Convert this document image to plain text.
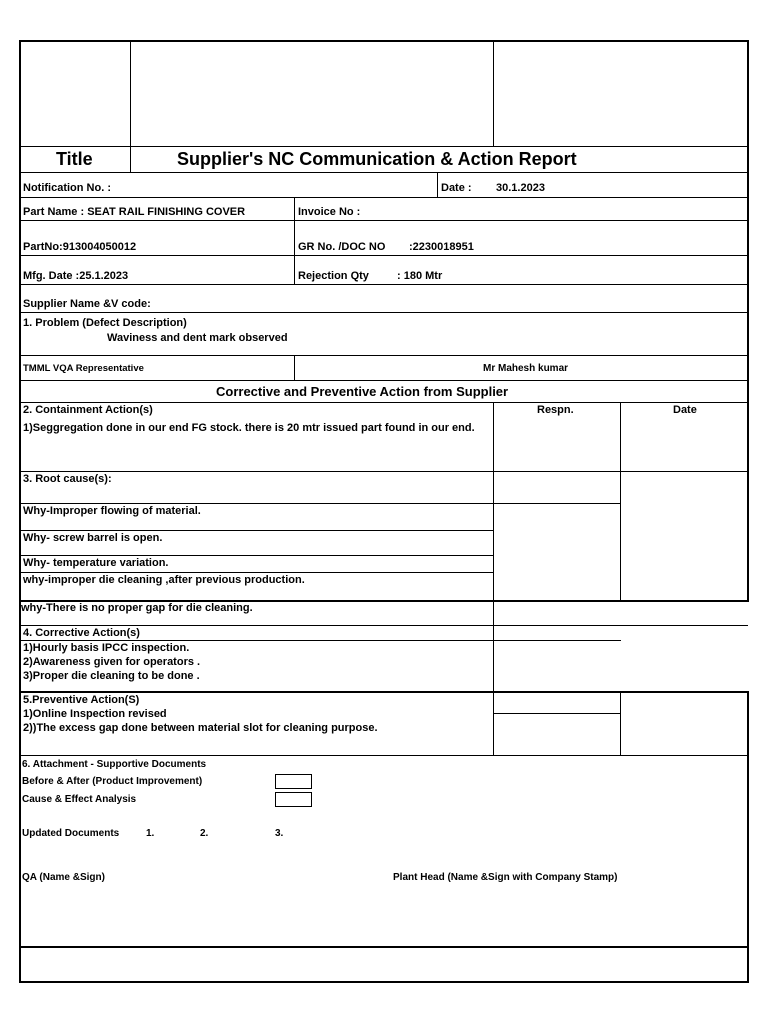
Title	Supplier's NC Communication & Action Report
Notification No. :	Date : 30.1.2023
Part Name : SEAT RAIL FINISHING COVER	Invoice No :
PartNo:913004050012	GR No. /DOC NO :2230018951
Mfg. Date :25.1.2023	Rejection Qty	: 180 Mtr
Supplier Name &V code:
1. Problem (Defect Description)
Waviness and dent mark observed
TMML VQA Representative	Mr Mahesh kumar
Corrective and Preventive Action from Supplier
2. Containment Action(s)	Respn.	Date
1)Seggregation done in our end FG stock. there is 20 mtr issued part found in our end.
3. Root cause(s):
Why-Improper flowing of material.
Why- screw barrel is open.
Why- temperature variation.
why-improper die cleaning ,after previous production.
why-There is no proper gap for die cleaning.
4. Corrective Action(s)
1)Hourly basis IPCC inspection.
2)Awareness given for operators .
3)Proper die cleaning to be done .
5.Preventive Action(S)
1)Online Inspection revised
2))The excess gap done between material slot for cleaning purpose.
6. Attachment - Supportive Documents
Before & After (Product Improvement)
Cause & Effect Analysis
Updated Documents	1.	2.	3.
QA (Name &Sign)	Plant Head (Name &Sign with Company Stamp)
